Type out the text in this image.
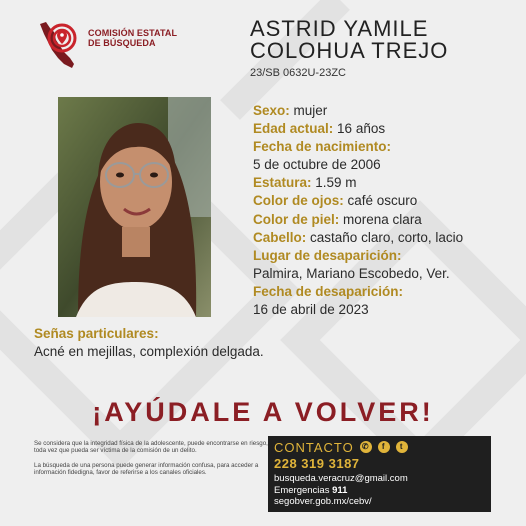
COMISIÓN ESTATAL
DE BÚSQUEDA
ASTRID YAMILE
COLOHUA TREJO
23/SB 0632U-23ZC
Sexo: mujer
Edad actual: 16 años
Fecha de nacimiento:
5 de octubre de 2006
Estatura: 1.59 m
Color de ojos: café oscuro
Color de piel: morena clara
Cabello: castaño claro, corto, lacio
Lugar de desaparición:
Palmira, Mariano Escobedo, Ver.
Fecha de desaparición:
16 de abril de 2023
Señas particulares:
Acné en mejillas, complexión delgada.
¡AYÚDALE A VOLVER!

Se considera que la integridad física de la adolescente, puede encontrarse en riesgo, toda vez que pueda ser víctima de la comisión de un delito.

La búsqueda de una persona puede generar información confusa, para acceder a información fidedigna, favor de referirse a los canales oficiales.

CONTACTO ✆	f	t
228 319 3187
busqueda.veracruz@gmail.com
Emergencias 911
segobver.gob.mx/cebv/
